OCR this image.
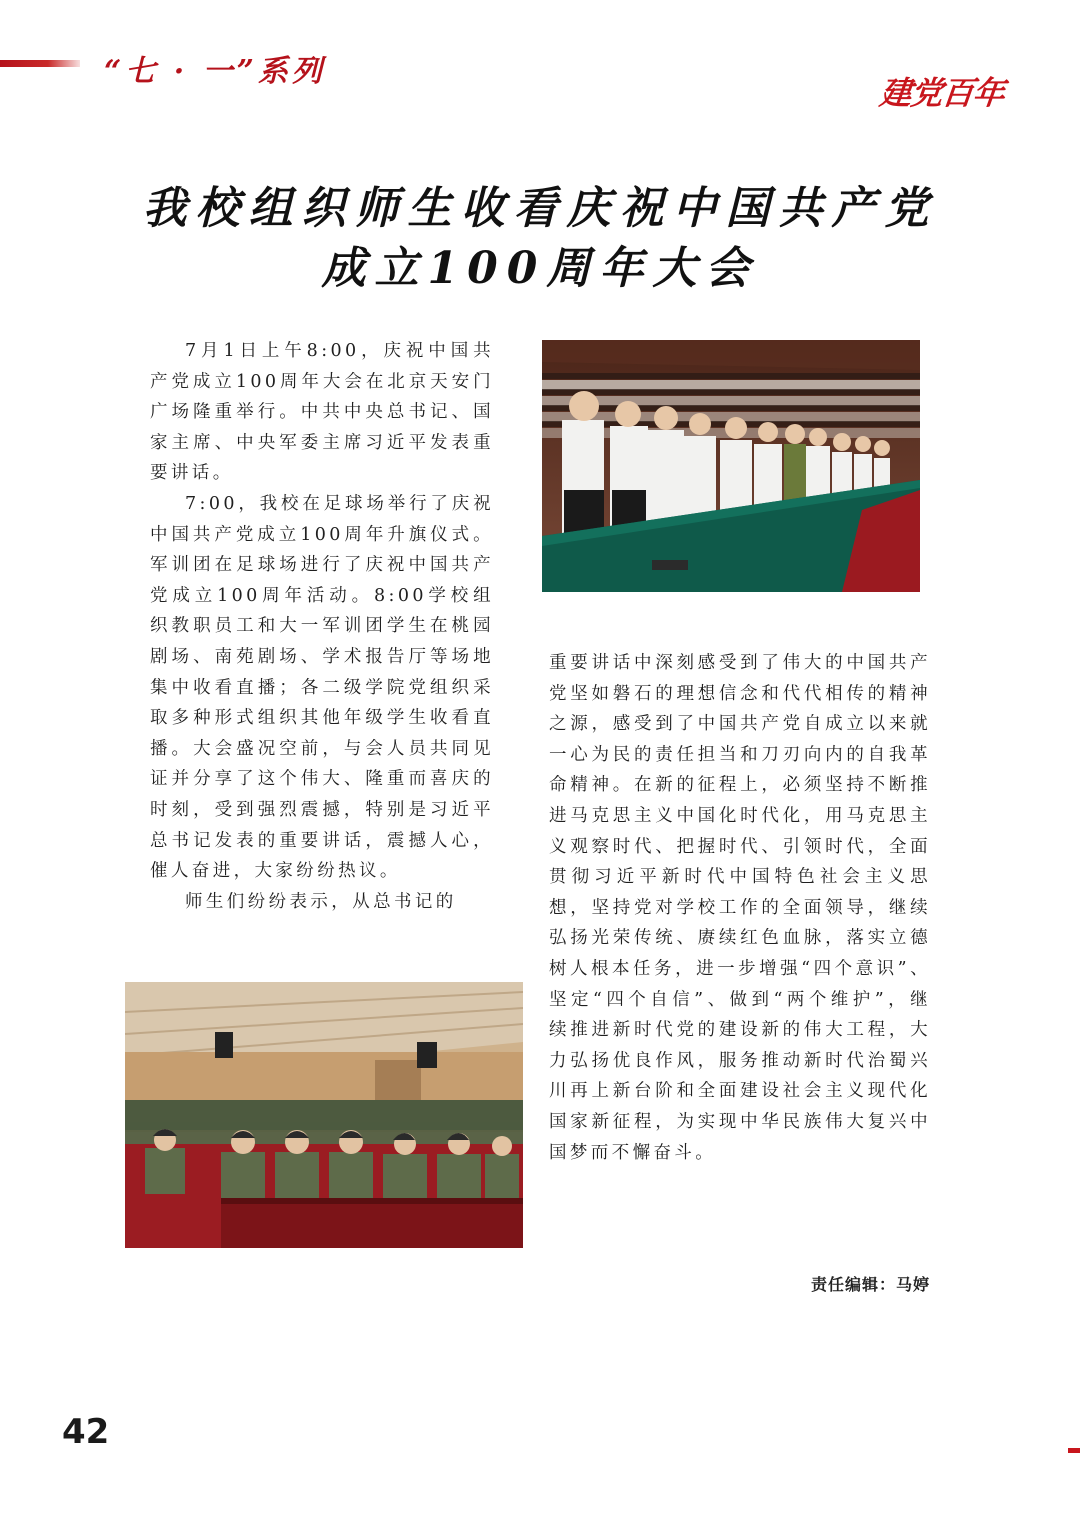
“七 · 一”系列
建党百年
我校组织师生收看庆祝中国共产党
成立100周年大会

7月1日上午8:00，庆祝中国共产党成立100周年大会在北京天安门广场隆重举行。中共中央总书记、国家主席、中央军委主席习近平发表重要讲话。

7:00，我校在足球场举行了庆祝中国共产党成立100周年升旗仪式。军训团在足球场进行了庆祝中国共产党成立100周年活动。8:00学校组织教职员工和大一军训团学生在桃园剧场、南苑剧场、学术报告厅等场地集中收看直播；各二级学院党组织采取多种形式组织其他年级学生收看直播。大会盛况空前，与会人员共同见证并分享了这个伟大、隆重而喜庆的时刻，受到强烈震撼，特别是习近平总书记发表的重要讲话，震撼人心，催人奋进，大家纷纷热议。

师生们纷纷表示，从总书记的

重要讲话中深刻感受到了伟大的中国共产党坚如磐石的理想信念和代代相传的精神之源，感受到了中国共产党自成立以来就一心为民的责任担当和刀刃向内的自我革命精神。在新的征程上，必须坚持不断推进马克思主义中国化时代化，用马克思主义观察时代、把握时代、引领时代，全面贯彻习近平新时代中国特色社会主义思想，坚持党对学校工作的全面领导，继续弘扬光荣传统、赓续红色血脉，落实立德树人根本任务，进一步增强“四个意识”、坚定“四个自信”、做到“两个维护”，继续推进新时代党的建设新的伟大工程，大力弘扬优良作风，服务推动新时代治蜀兴川再上新台阶和全面建设社会主义现代化国家新征程，为实现中华民族伟大复兴中国梦而不懈奋斗。

责任编辑：马婷
42
